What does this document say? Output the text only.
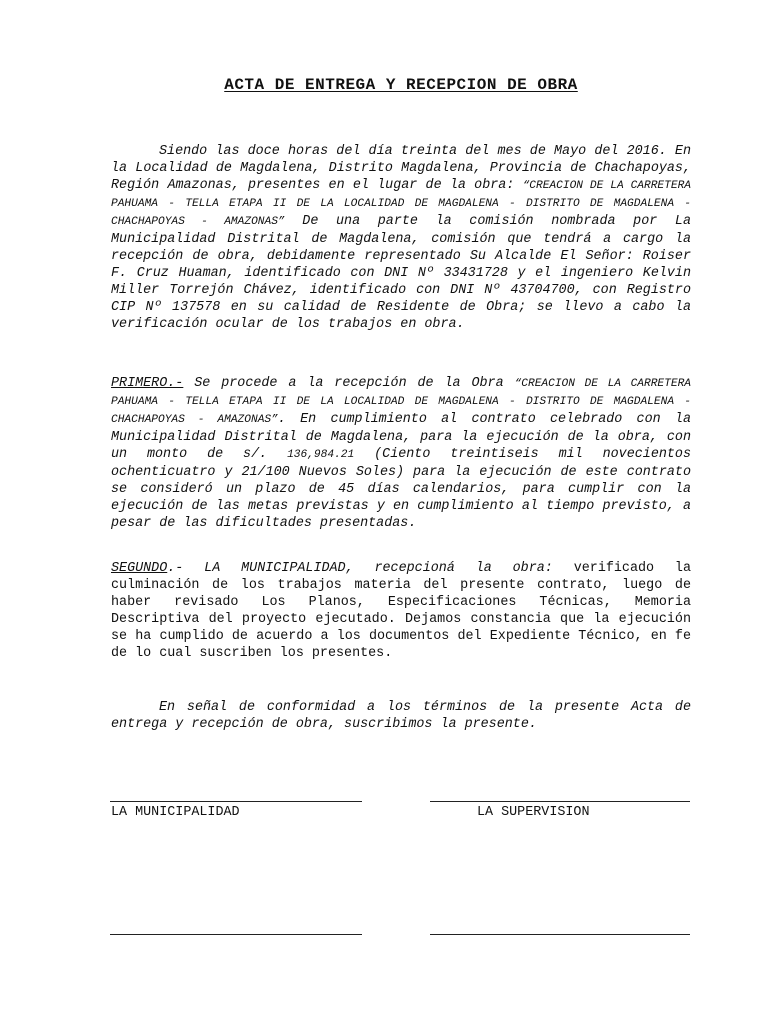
ACTA DE ENTREGA Y RECEPCION DE OBRA

Siendo las doce horas del día treinta del mes de Mayo del 2016. En la Localidad de Magdalena, Distrito Magdalena, Provincia de Chachapoyas, Región Amazonas, presentes en el lugar de la obra: “CREACION DE LA CARRETERA PAHUAMA - TELLA ETAPA II DE LA LOCALIDAD DE MAGDALENA - DISTRITO DE MAGDALENA - CHACHAPOYAS - AMAZONAS” De una parte la comisión nombrada por La Municipalidad Distrital de Magdalena, comisión que tendrá a cargo la recepción de obra, debidamente representado Su Alcalde El Señor: Roiser F. Cruz Huaman, identificado con DNI Nº 33431728 y el ingeniero Kelvin Miller Torrejón Chávez, identificado con DNI Nº 43704700, con Registro CIP Nº 137578 en su calidad de Residente de Obra; se llevo a cabo la verificación ocular de los trabajos en obra.

PRIMERO.- Se procede a la recepción de la Obra “CREACION DE LA CARRETERA PAHUAMA - TELLA ETAPA II DE LA LOCALIDAD DE MAGDALENA - DISTRITO DE MAGDALENA - CHACHAPOYAS - AMAZONAS”. En cumplimiento al contrato celebrado con la Municipalidad Distrital de Magdalena, para la ejecución de la obra, con un monto de s/. 136,984.21 (Ciento treintiseis mil novecientos ochenticuatro y 21/100 Nuevos Soles) para la ejecución de este contrato se consideró un plazo de 45 días calendarios, para cumplir con la ejecución de las metas previstas y en cumplimiento al tiempo previsto, a pesar de las dificultades presentadas.

SEGUNDO.- LA MUNICIPALIDAD, recepcioná la obra: verificado la culminación de los trabajos materia del presente contrato, luego de haber revisado Los Planos, Especificaciones Técnicas, Memoria Descriptiva del proyecto ejecutado. Dejamos constancia que la ejecución se ha cumplido de acuerdo a los documentos del Expediente Técnico, en fe de lo cual suscriben los presentes.

En señal de conformidad a los términos de la presente Acta de entrega y recepción de obra, suscribimos la presente.

LA MUNICIPALIDAD	LA SUPERVISION
